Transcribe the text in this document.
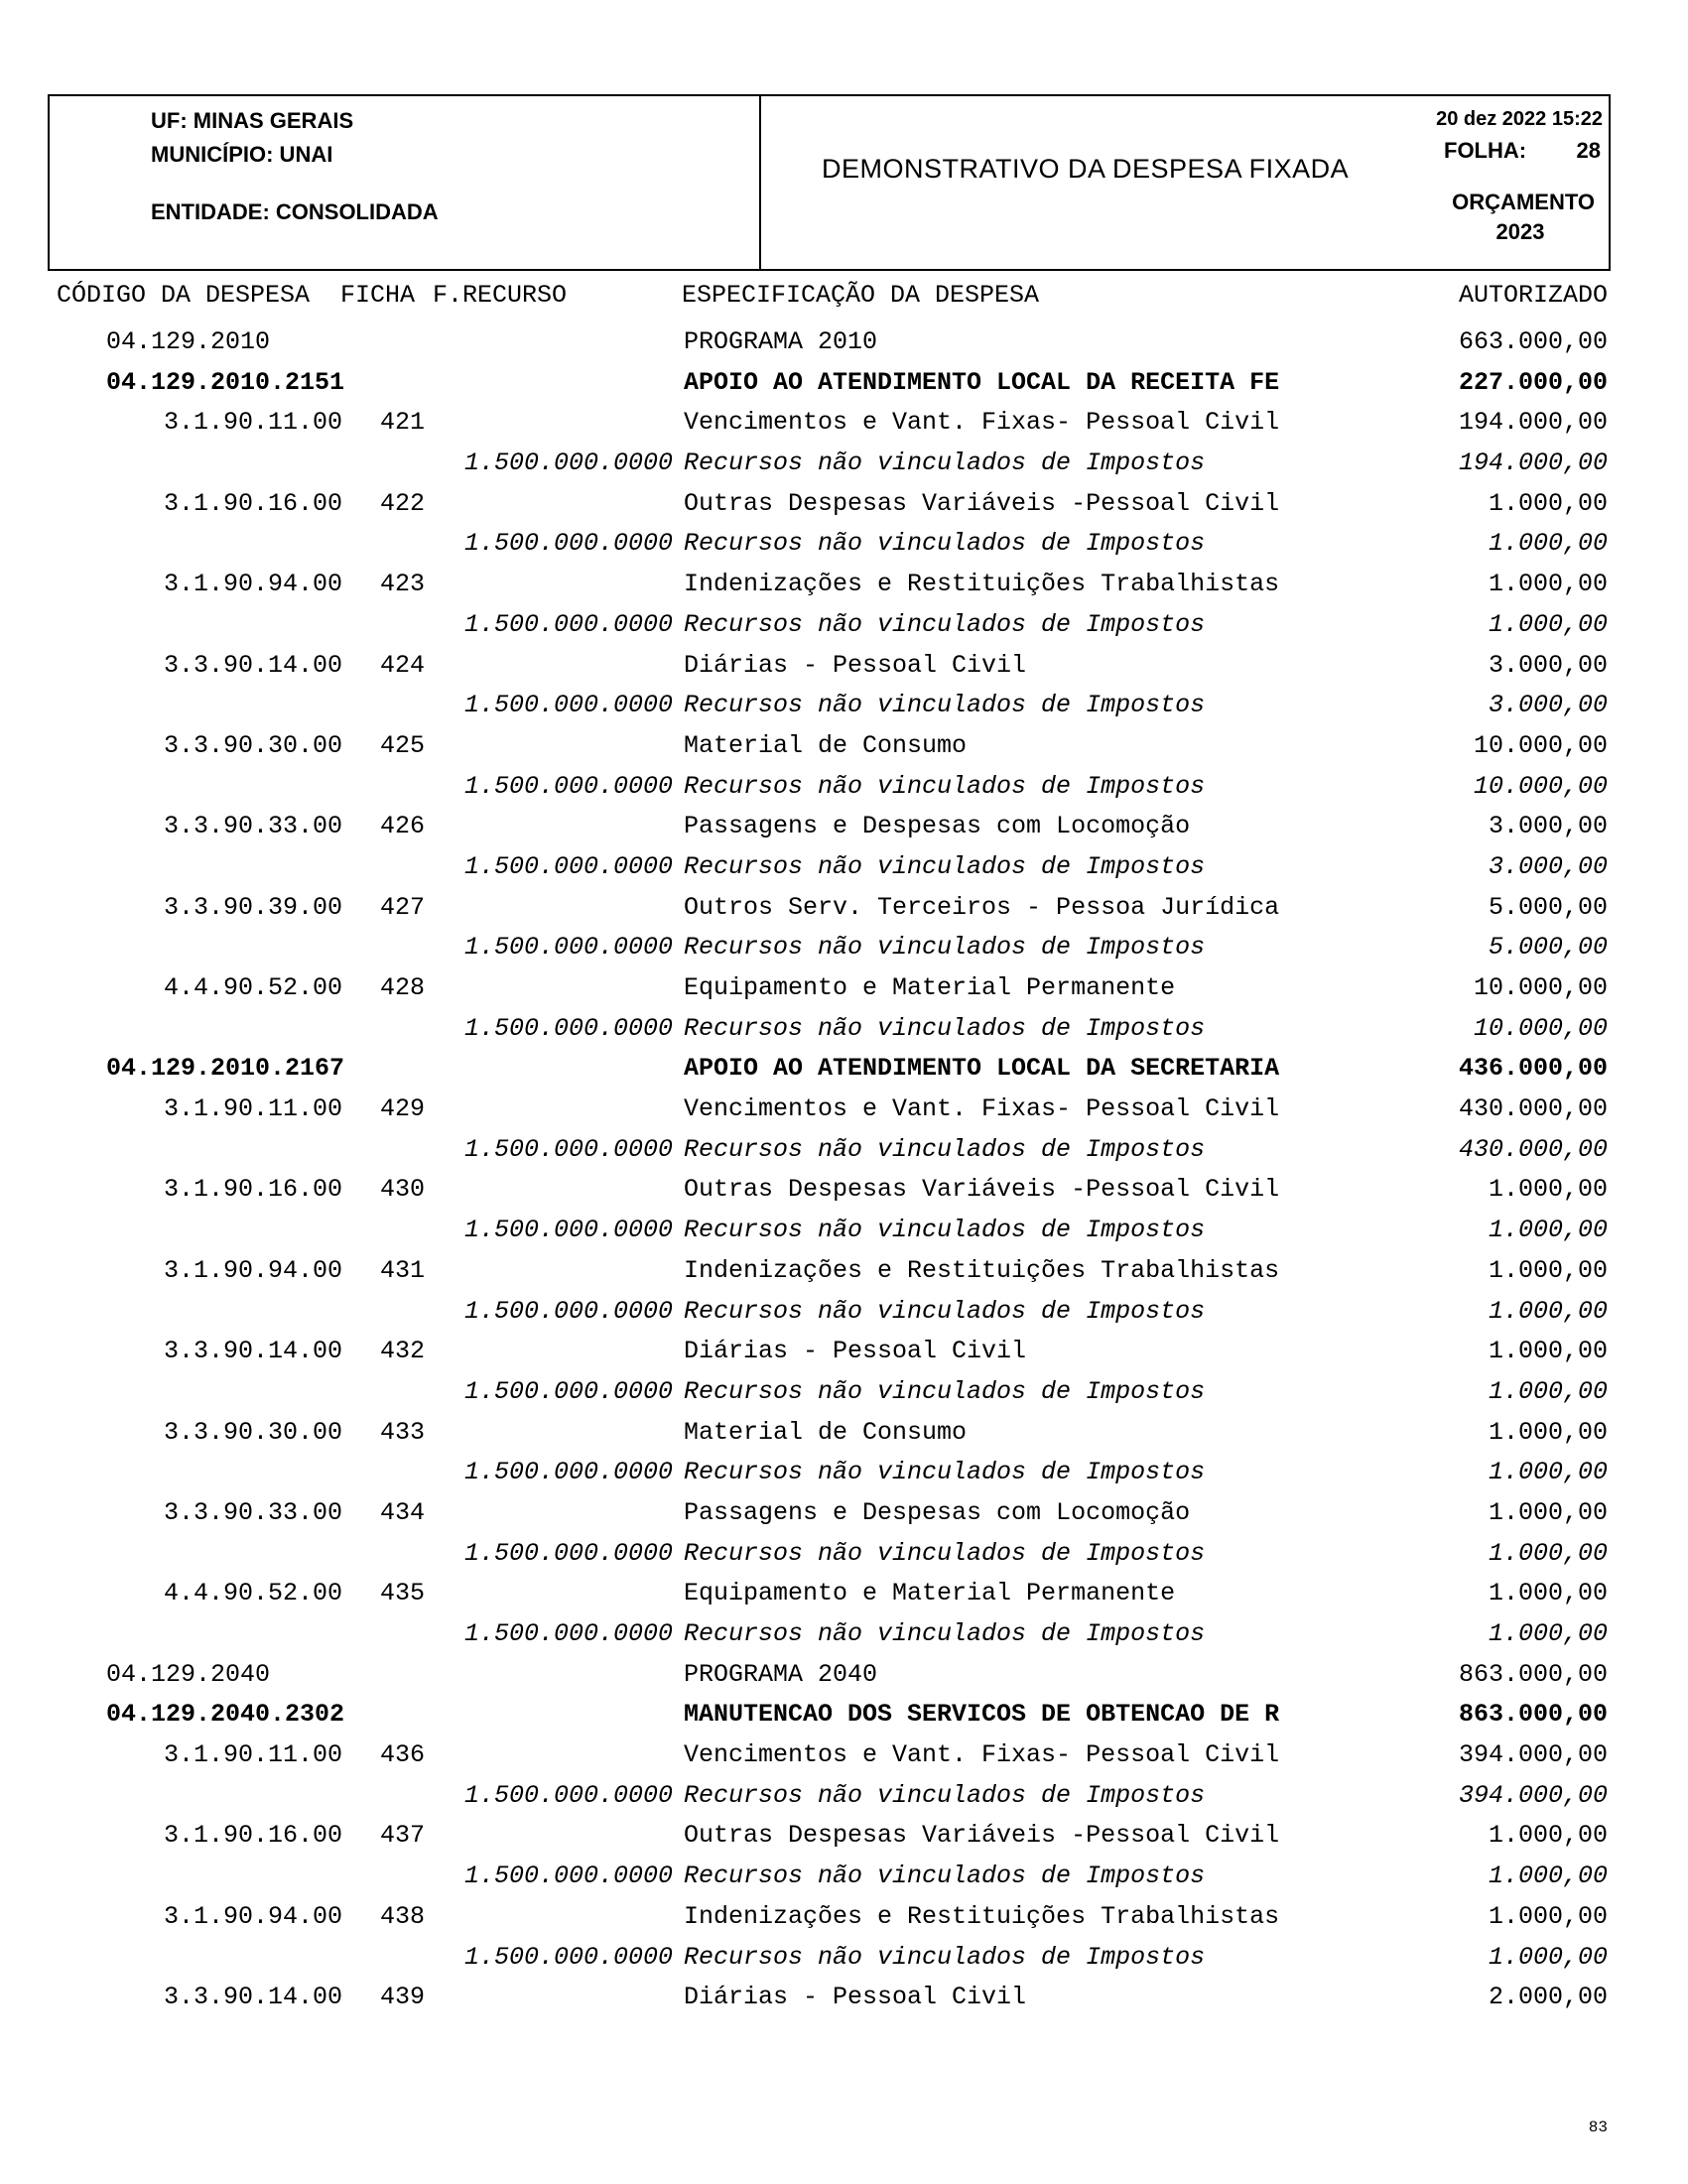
UF: MINAS GERAIS
MUNICÍPIO: UNAI
ENTIDADE: CONSOLIDADA
DEMONSTRATIVO DA DESPESA FIXADA
20 dez 2022 15:22
FOLHA: 28
ORÇAMENTO
2023
CÓDIGO DA DESPESA FICHA F.RECURSO	ESPECIFICAÇÃO DA DESPESA	AUTORIZADO
04.129.2010	PROGRAMA 2010	663.000,00
04.129.2010.2151	APOIO AO ATENDIMENTO LOCAL DA RECEITA FE	227.000,00
3.1.90.11.00 421	Vencimentos e Vant. Fixas- Pessoal Civil	194.000,00
1.500.000.0000 Recursos não vinculados de Impostos	194.000,00
3.1.90.16.00 422	Outras Despesas Variáveis -Pessoal Civil	1.000,00
1.500.000.0000 Recursos não vinculados de Impostos	1.000,00
3.1.90.94.00 423	Indenizações e Restituições Trabalhistas	1.000,00
1.500.000.0000 Recursos não vinculados de Impostos	1.000,00
3.3.90.14.00 424	Diárias - Pessoal Civil	3.000,00
1.500.000.0000 Recursos não vinculados de Impostos	3.000,00
3.3.90.30.00 425	Material de Consumo	10.000,00
1.500.000.0000 Recursos não vinculados de Impostos	10.000,00
3.3.90.33.00 426	Passagens e Despesas com Locomoção	3.000,00
1.500.000.0000 Recursos não vinculados de Impostos	3.000,00
3.3.90.39.00 427	Outros Serv. Terceiros - Pessoa Jurídica	5.000,00
1.500.000.0000 Recursos não vinculados de Impostos	5.000,00
4.4.90.52.00 428	Equipamento e Material Permanente	10.000,00
1.500.000.0000 Recursos não vinculados de Impostos	10.000,00
04.129.2010.2167	APOIO AO ATENDIMENTO LOCAL DA SECRETARIA	436.000,00
3.1.90.11.00 429	Vencimentos e Vant. Fixas- Pessoal Civil	430.000,00
1.500.000.0000 Recursos não vinculados de Impostos	430.000,00
3.1.90.16.00 430	Outras Despesas Variáveis -Pessoal Civil	1.000,00
1.500.000.0000 Recursos não vinculados de Impostos	1.000,00
3.1.90.94.00 431	Indenizações e Restituições Trabalhistas	1.000,00
1.500.000.0000 Recursos não vinculados de Impostos	1.000,00
3.3.90.14.00 432	Diárias - Pessoal Civil	1.000,00
1.500.000.0000 Recursos não vinculados de Impostos	1.000,00
3.3.90.30.00 433	Material de Consumo	1.000,00
1.500.000.0000 Recursos não vinculados de Impostos	1.000,00
3.3.90.33.00 434	Passagens e Despesas com Locomoção	1.000,00
1.500.000.0000 Recursos não vinculados de Impostos	1.000,00
4.4.90.52.00 435	Equipamento e Material Permanente	1.000,00
1.500.000.0000 Recursos não vinculados de Impostos	1.000,00
04.129.2040	PROGRAMA 2040	863.000,00
04.129.2040.2302	MANUTENCAO DOS SERVICOS DE OBTENCAO DE R	863.000,00
3.1.90.11.00 436	Vencimentos e Vant. Fixas- Pessoal Civil	394.000,00
1.500.000.0000 Recursos não vinculados de Impostos	394.000,00
3.1.90.16.00 437	Outras Despesas Variáveis -Pessoal Civil	1.000,00
1.500.000.0000 Recursos não vinculados de Impostos	1.000,00
3.1.90.94.00 438	Indenizações e Restituições Trabalhistas	1.000,00
1.500.000.0000 Recursos não vinculados de Impostos	1.000,00
3.3.90.14.00 439	Diárias - Pessoal Civil	2.000,00
83
